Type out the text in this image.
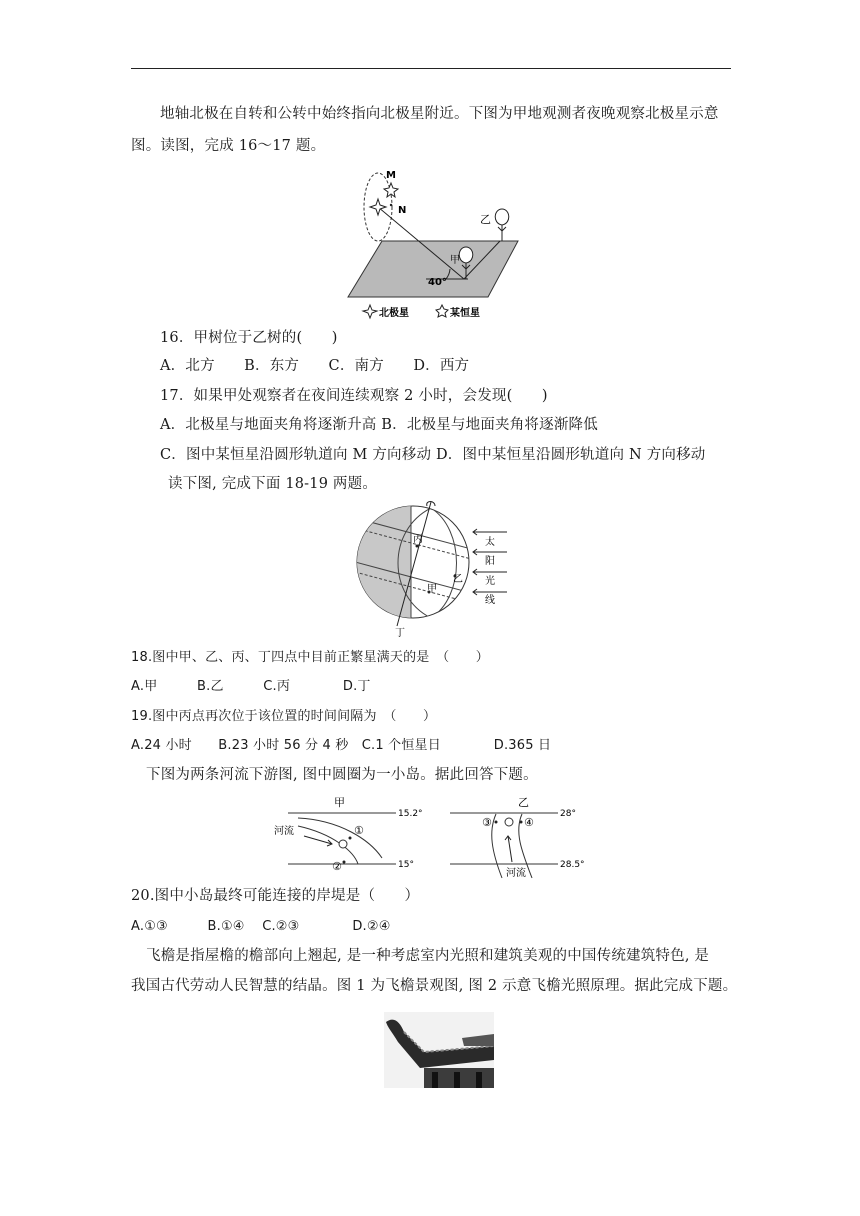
地轴北极在自转和公转中始终指向北极星附近。下图为甲地观测者夜晚观察北极星示意
图。读图，完成 16～17 题。
M
N
乙
甲
40°
北极星	某恒星
16．甲树位于乙树的(　　)
A．北方　　B．东方　　C．南方　　D．西方
17．如果甲处观察者在夜间连续观察 2 小时，会发现(　　)
A．北极星与地面夹角将逐渐升高 B．北极星与地面夹角将逐渐降低
C．图中某恒星沿圆形轨道向 M 方向移动 D．图中某恒星沿圆形轨道向 N 方向移动
读下图, 完成下面 18-19 两题。
丙
乙
甲
丁
太
阳
光
线
18.图中甲、乙、丙、丁四点中目前正繁星满天的是　（　　）
A.甲　　　B.乙　　　C.丙　　　　D.丁
19.图中丙点再次位于该位置的时间间隔为　（　　）
A.24 小时　　B.23 小时 56 分 4 秒　C.1 个恒星日　　　　D.365 日
下图为两条河流下游图, 图中圆圈为一小岛。据此回答下题。
甲
15.2°
15°
河流	①
②
乙
28°
28.5°
③	④
河流
20.图中小岛最终可能连接的岸堤是（　　）
A.①③　　　B.①④　 C.②③　　　　D.②④
飞檐是指屋檐的檐部向上翘起, 是一种考虑室内光照和建筑美观的中国传统建筑特色, 是
我国古代劳动人民智慧的结晶。图 1 为飞檐景观图, 图 2 示意飞檐光照原理。据此完成下题。
